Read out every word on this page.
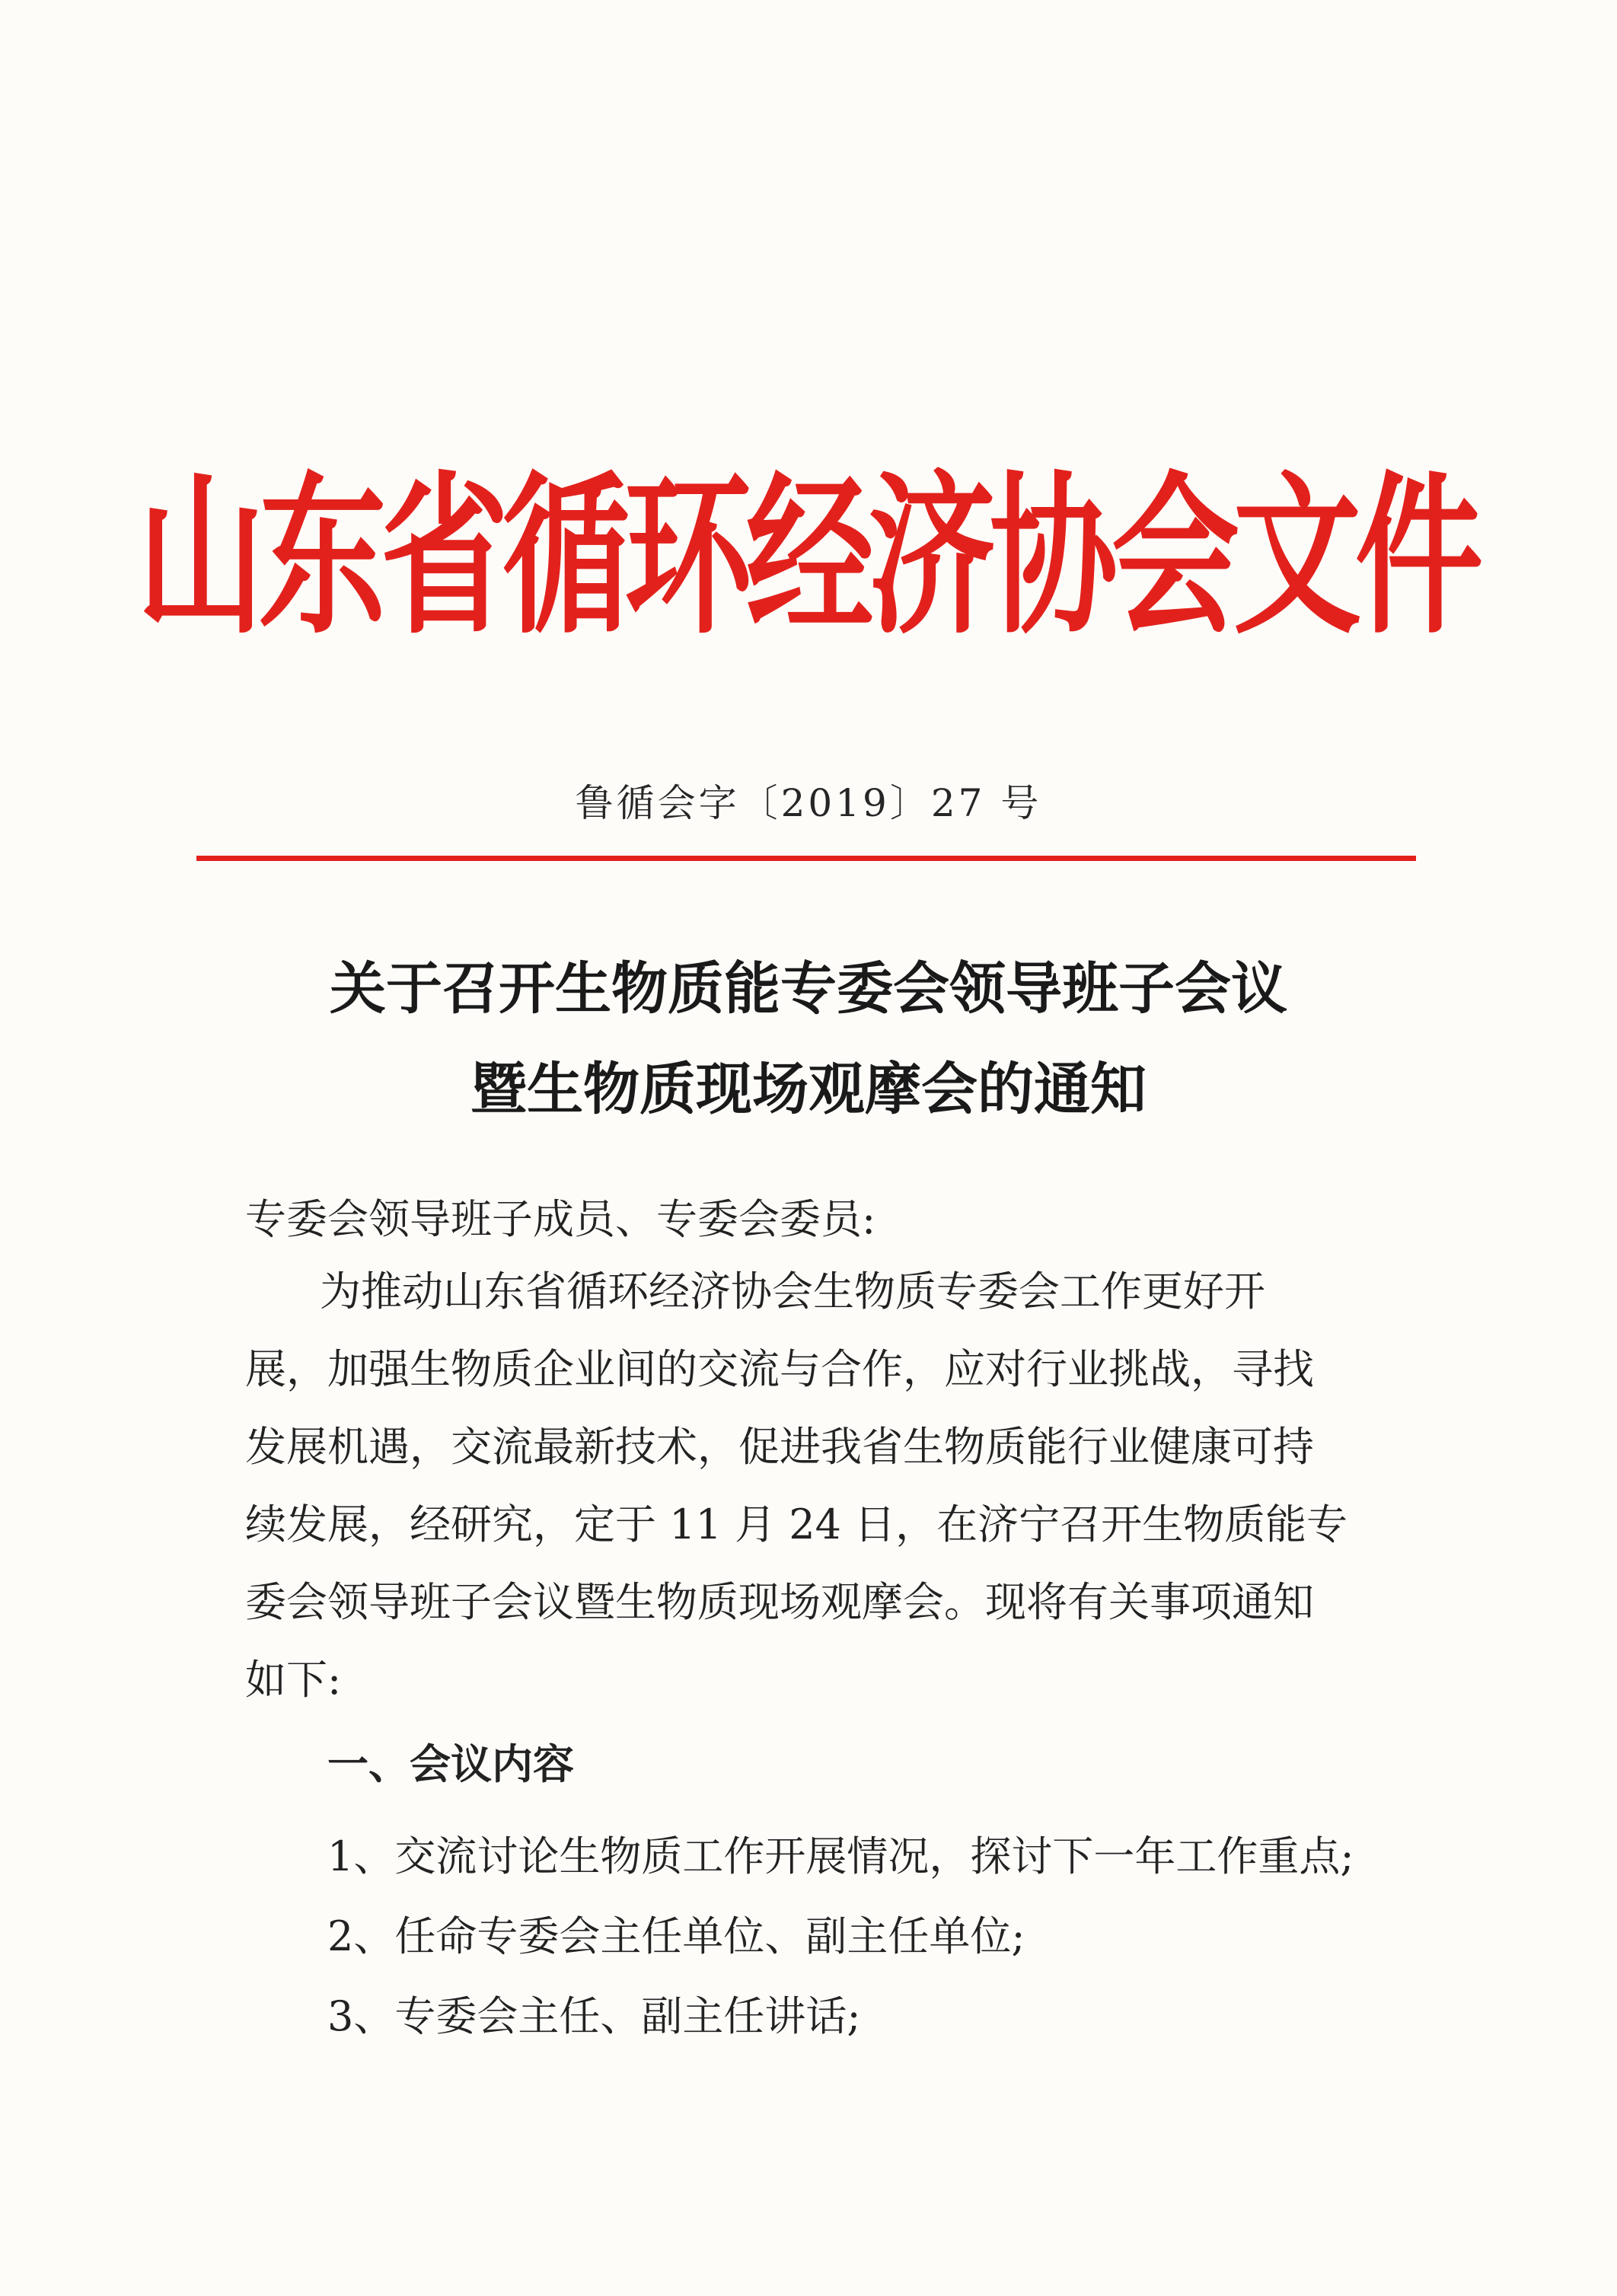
山东省循环经济协会文件
鲁循会字〔2019〕27 号
关于召开生物质能专委会领导班子会议
暨生物质现场观摩会的通知
专委会领导班子成员、专委会委员:
为推动山东省循环经济协会生物质专委会工作更好开
展，加强生物质企业间的交流与合作，应对行业挑战，寻找
发展机遇，交流最新技术，促进我省生物质能行业健康可持
续发展，经研究，定于 11 月 24 日，在济宁召开生物质能专
委会领导班子会议暨生物质现场观摩会。现将有关事项通知
如下:
一、会议内容
1、交流讨论生物质工作开展情况，探讨下一年工作重点;
2、任命专委会主任单位、副主任单位;
3、专委会主任、副主任讲话;
